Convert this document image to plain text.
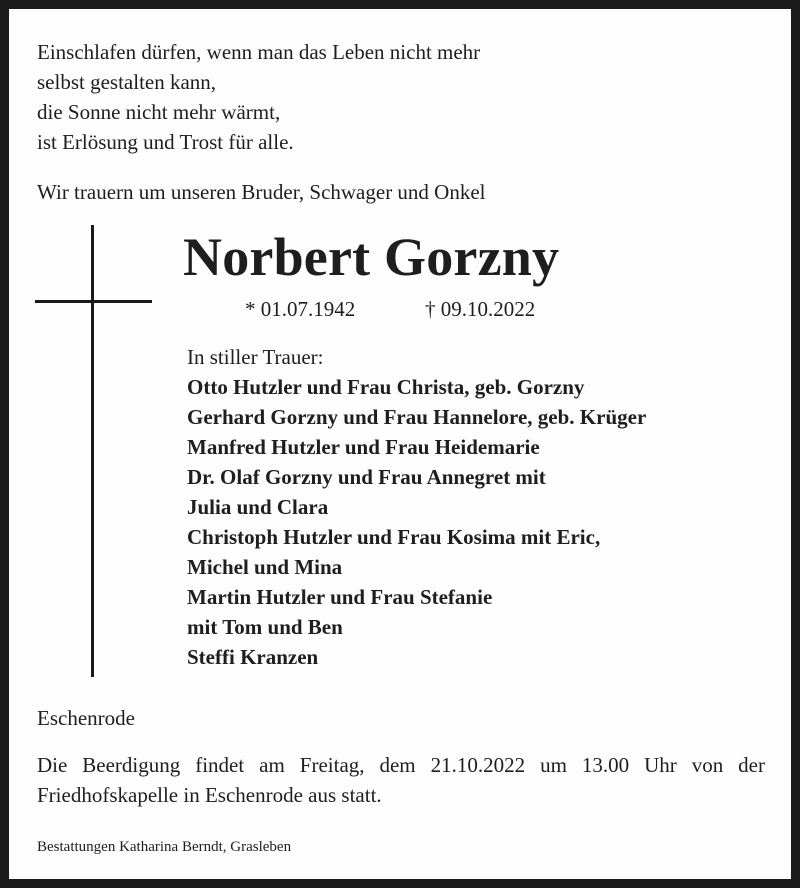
Einschlafen dürfen, wenn man das Leben nicht mehr
selbst gestalten kann,
die Sonne nicht mehr wärmt,
ist Erlösung und Trost für alle.
Wir trauern um unseren Bruder, Schwager und Onkel
Norbert Gorzny
* 01.07.1942	† 09.10.2022
In stiller Trauer:
Otto Hutzler und Frau Christa, geb. Gorzny
Gerhard Gorzny und Frau Hannelore, geb. Krüger
Manfred Hutzler und Frau Heidemarie
Dr. Olaf Gorzny und Frau Annegret mit
Julia und Clara
Christoph Hutzler und Frau Kosima mit Eric,
Michel und Mina
Martin Hutzler und Frau Stefanie
mit Tom und Ben
Steffi Kranzen
Eschenrode
Die Beerdigung findet am Freitag, dem 21.10.2022 um 13.00 Uhr von der Friedhofskapelle in Eschenrode aus statt.
Bestattungen Katharina Berndt, Grasleben
